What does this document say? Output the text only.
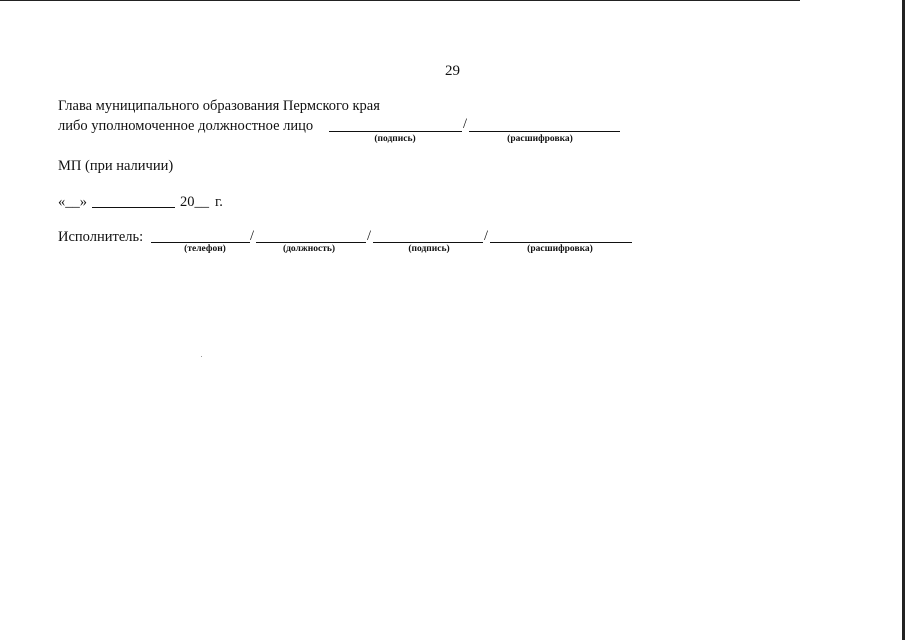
29
Глава муниципального образования Пермского края
либо уполномоченное должностное лицо	/
(подпись)	(расшифровка)
МП (при наличии)
«__»	20__ г.
Исполнитель:	/	/	/
(телефон)	(должность)	(подпись)	(расшифровка)
